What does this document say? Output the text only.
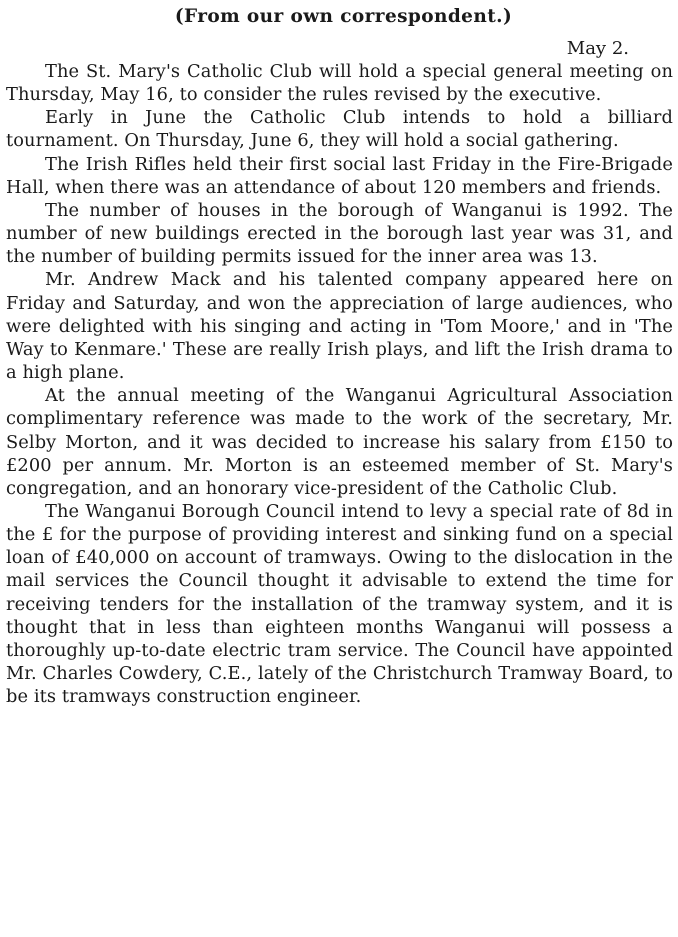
(From our own correspondent.)
May 2.

The St. Mary's Catholic Club will hold a special general meeting on Thursday, May 16, to consider the rules revised by the executive.

Early in June the Catholic Club intends to hold a billiard tournament. On Thursday, June 6, they will hold a social gathering.

The Irish Rifles held their first social last Friday in the Fire-Brigade Hall, when there was an attendance of about 120 members and friends.

The number of houses in the borough of Wanganui is 1992. The number of new buildings erected in the borough last year was 31, and the number of building permits issued for the inner area was 13.

Mr. Andrew Mack and his talented company appeared here on Friday and Saturday, and won the appreciation of large audiences, who were delighted with his singing and acting in 'Tom Moore,' and in 'The Way to Kenmare.' These are really Irish plays, and lift the Irish drama to a high plane.

At the annual meeting of the Wanganui Agricultural Association complimentary reference was made to the work of the secretary, Mr. Selby Morton, and it was decided to increase his salary from £150 to £200 per annum. Mr. Morton is an esteemed member of St. Mary's congregation, and an honorary vice-president of the Catholic Club.

The Wanganui Borough Council intend to levy a special rate of 8d in the £ for the purpose of providing interest and sinking fund on a special loan of £40,000 on account of tramways. Owing to the dislocation in the mail services the Council thought it advisable to extend the time for receiving tenders for the installation of the tramway system, and it is thought that in less than eighteen months Wanganui will possess a thoroughly up-to-date electric tram service. The Council have appointed Mr. Charles Cowdery, C.E., lately of the Christchurch Tramway Board, to be its tramways construction engineer.
